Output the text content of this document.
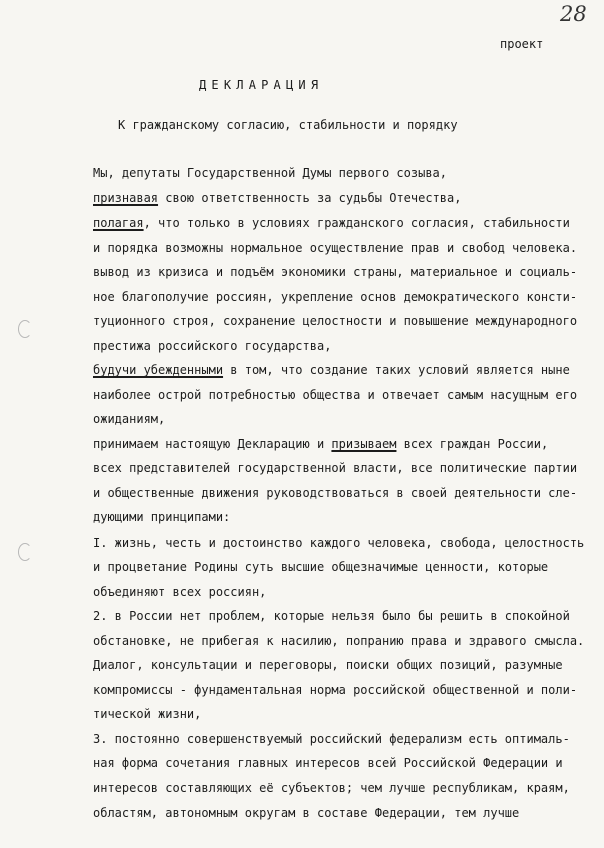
28
проект
ДЕКЛАРАЦИЯ
К гражданскому согласию, стабильности и порядку
Мы, депутаты Государственной Думы первого созыва,
признавая свою ответственность за судьбы Отечества,
полагая, что только в условиях гражданского согласия, стабильности
и порядка возможны нормальное осуществление прав и свобод человека.
вывод из кризиса и подъём экономики страны, материальное и социаль-
ное благополучие россиян, укрепление основ демократического консти-
туционного строя, сохранение целостности и повышение международного
престижа российского государства,
будучи убежденными в том, что создание таких условий является ныне
наиболее острой потребностью общества и отвечает самым насущным его
ожиданиям,
принимаем настоящую Декларацию и призываем всех граждан России,
всех представителей государственной власти, все политические партии
и общественные движения руководствоваться в своей деятельности сле-
дующими принципами:
I. жизнь, честь и достоинство каждого человека, свобода, целостность
и процветание Родины суть высшие общезначимые ценности, которые
объединяют всех россиян,
2. в России нет проблем, которые нельзя было бы решить в спокойной
обстановке, не прибегая к насилию, попранию права и здравого смысла.
Диалог, консультации и переговоры, поиски общих позиций, разумные
компромиссы - фундаментальная норма российской общественной и поли-
тической жизни,
3. постоянно совершенствуемый российский федерализм есть оптималь-
ная форма сочетания главных интересов всей Российской Федерации и
интересов составляющих её субъектов; чем лучше республикам, краям,
областям, автономным округам в составе Федерации, тем лучше
